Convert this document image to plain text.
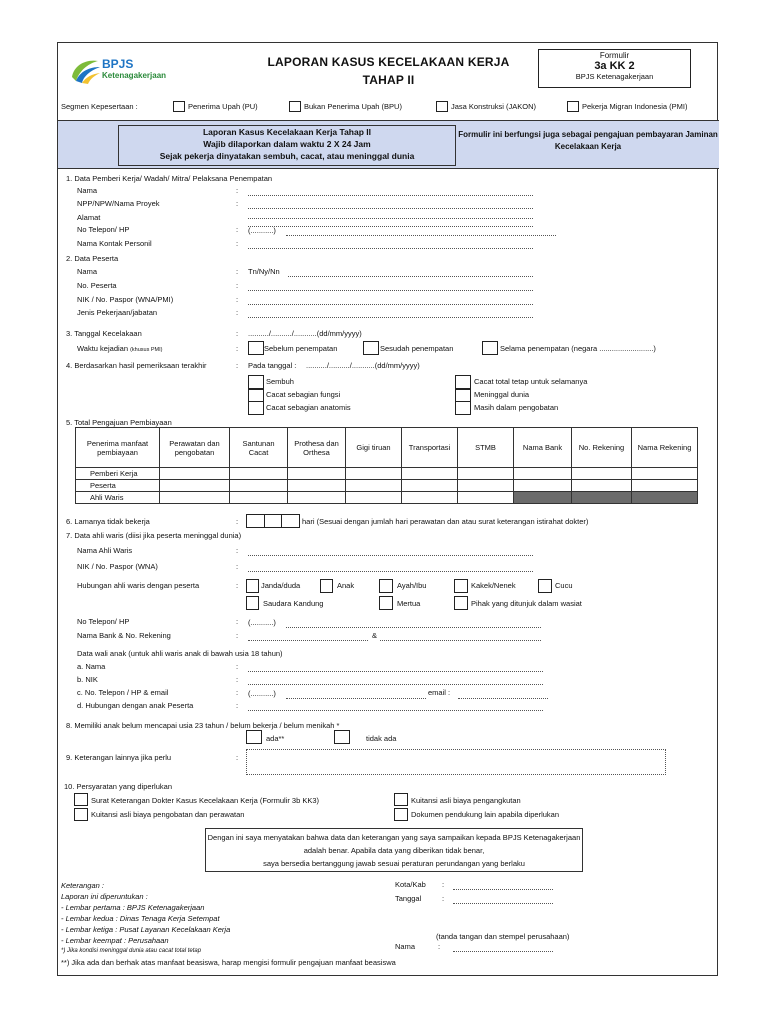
BPJS
Ketenagakerjaan
LAPORAN KASUS KECELAKAAN KERJA
TAHAP II
Formulir
3a KK 2
BPJS Ketenagakerjaan
Segmen Kepesertaan :	Penerima Upah (PU)	Bukan Penerima Upah (BPU)	Jasa Konstruksi (JAKON)	Pekerja Migran Indonesia (PMI)
Laporan Kasus Kecelakaan Kerja Tahap II
Wajib dilaporkan dalam waktu 2 X 24 Jam
Sejak pekerja dinyatakan sembuh, cacat, atau meninggal dunia
Formulir ini berfungsi juga sebagai pengajuan pembayaran Jaminan
Kecelakaan Kerja
1. Data Pemberi Kerja/ Wadah/ Mitra/ Pelaksana Penempatan
Nama	:
NPP/NPW/Nama Proyek	:
Alamat
:
No Telepon/ HP	(...........)
Nama Kontak Personil	:
2. Data Peserta
Nama	: Tn/Ny/Nn
No. Peserta	:
NIK / No. Paspor (WNA/PMI)	:
Jenis Pekerjaan/jabatan	:
3. Tanggal Kecelakaan	: ........../........../...........(dd/mm/yyyy)
Waktu kejadian (khusus PMI)	:	Sebelum penempatan	Sesudah penempatan	Selama penempatan (negara ..........................)
4. Berdasarkan hasil pemeriksaan terakhir	: Pada tanggal : ........../........../...........(dd/mm/yyyy)
Sembuh
Cacat sebagian fungsi
Cacat sebagian anatomis
Cacat total tetap untuk selamanya
Meninggal dunia
Masih dalam pengobatan
5. Total Pengajuan Pembiayaan
Penerima manfaat pembiayaan	Perawatan dan pengobatan	Santunan Cacat	Prothesa dan Orthesa	Gigi tiruan	Transportasi	STMB	Nama Bank	No. Rekening	Nama Rekening
Pemberi Kerja									
Peserta									
Ahli Waris									
6. Lamanya tidak bekerja	:	hari (Sesuai dengan jumlah hari perawatan dan atau surat keterangan istirahat dokter)
7. Data ahli waris (diisi jika peserta meninggal dunia)
Nama Ahli Waris	:
NIK / No. Paspor (WNA)	:
Hubungan ahli waris dengan peserta	:	Janda/duda	Anak	Ayah/Ibu	Kakek/Nenek	Cucu
Saudara Kandung	Mertua	Pihak yang ditunjuk dalam wasiat
No Telepon/ HP	: (...........)
Nama Bank & No. Rekening	:	&
Data wali anak (untuk ahli waris anak di bawah usia 18 tahun)
a. Nama	:
b. NIK	:
c. No. Telepon / HP & email	: (...........)	email :
d. Hubungan dengan anak Peserta	:
8. Memiliki anak belum mencapai usia 23 tahun / belum bekerja / belum menikah *
ada**	tidak ada
9. Keterangan lainnya jika perlu	:
10. Persyaratan yang diperlukan
Surat Keterangan Dokter Kasus Kecelakaan Kerja (Formulir 3b KK3)
Kuitansi asli biaya pengobatan dan perawatan
Kuitansi asli biaya pengangkutan
Dokumen pendukung lain apabila diperlukan
Dengan ini saya menyatakan bahwa data dan keterangan yang saya sampaikan kepada BPJS Ketenagakerjaan
adalah benar. Apabila data yang diberikan tidak benar,
saya bersedia bertanggung jawab sesuai peraturan perundangan yang berlaku
Keterangan :
Laporan ini diperuntukan :
- Lembar pertama : BPJS Ketenagakerjaan
- Lembar kedua : Dinas Tenaga Kerja Setempat
- Lembar ketiga : Pusat Layanan Kecelakaan Kerja
- Lembar keempat : Perusahaan
*) Jika kondisi meninggal dunia atau cacat total tetap
**) Jika ada dan berhak atas manfaat beasiswa, harap mengisi formulir pengajuan manfaat beasiswa
Kota/Kab :
Tanggal	:
(tanda tangan dan stempel perusahaan)
Nama	:
